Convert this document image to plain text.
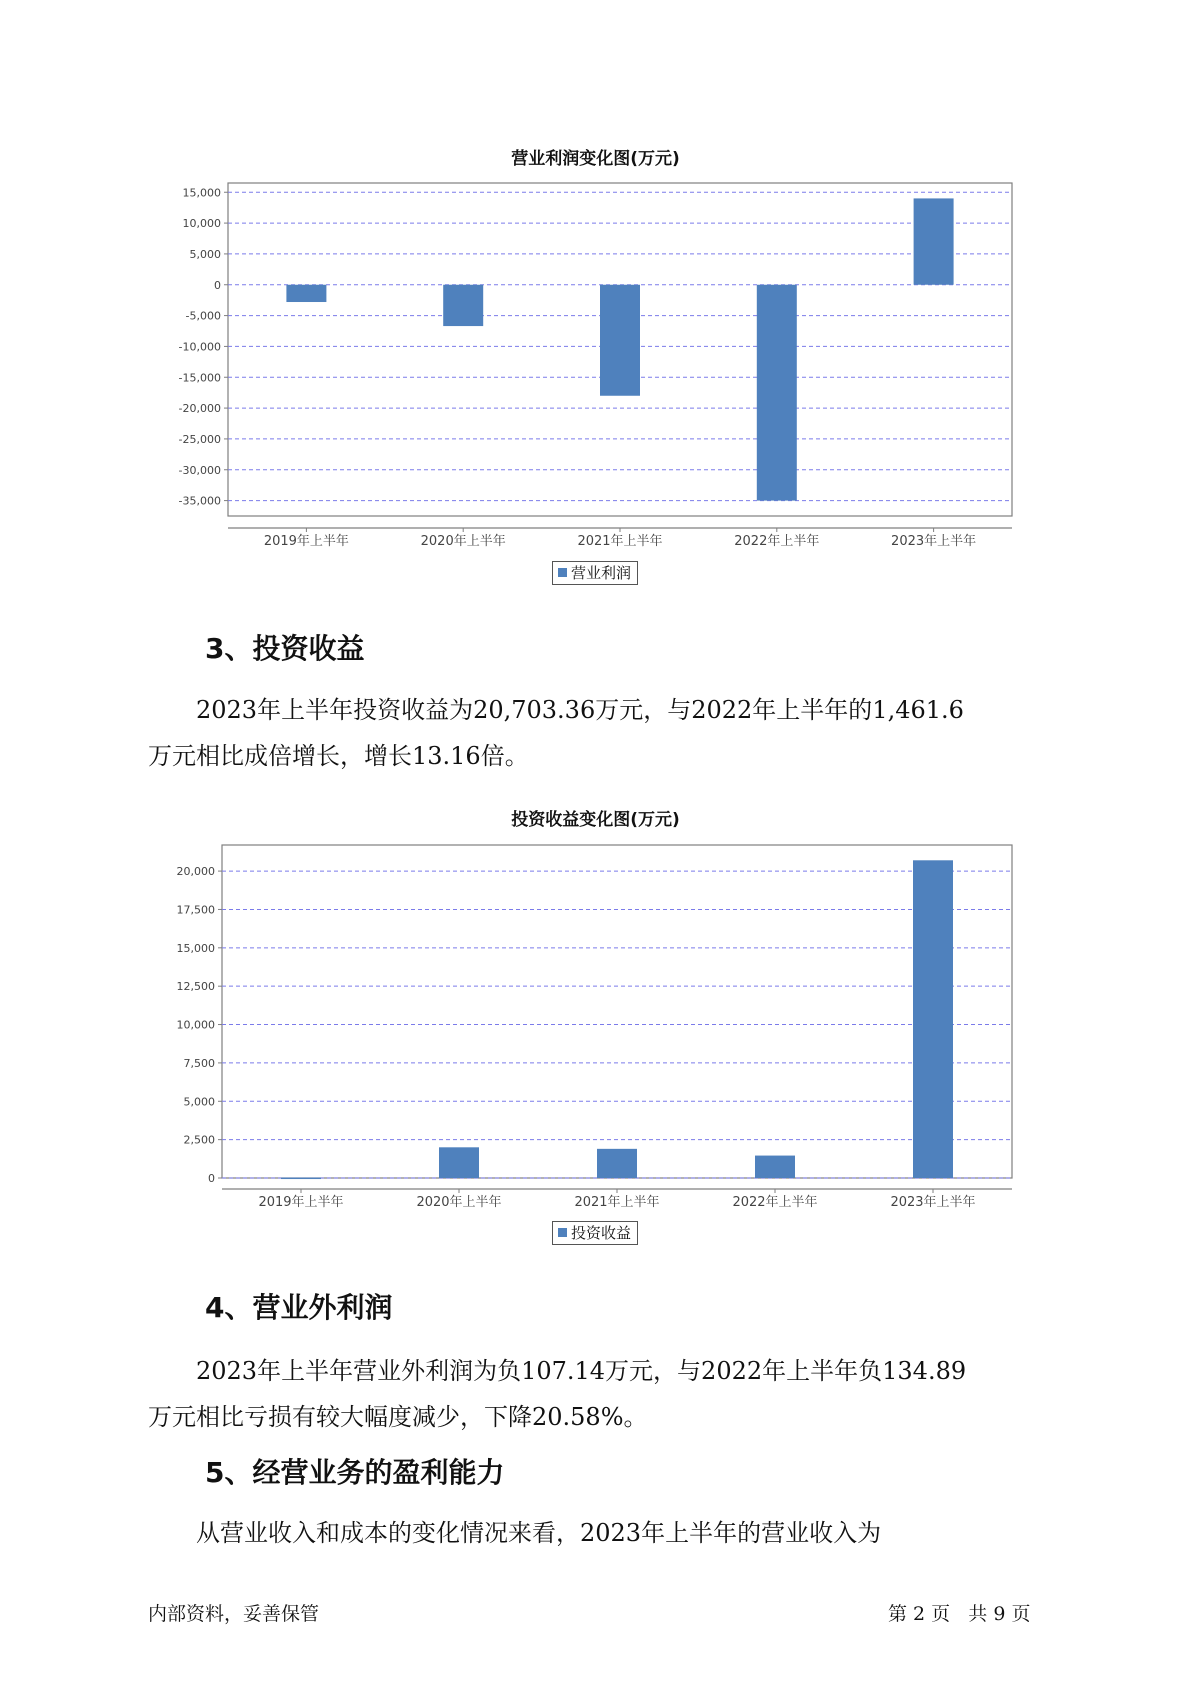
营业利润变化图(万元)
15,000
10,000
5,000
0
-5,000
-10,000
-15,000
-20,000
-25,000
-30,000
-35,000
2019年上半年	2020年上半年	2021年上半年	2022年上半年	2023年上半年
营业利润
3、投资收益
2023年上半年投资收益为20,703.36万元，与2022年上半年的1,461.6
万元相比成倍增长，增长13.16倍。
投资收益变化图(万元)
20,000
17,500
15,000
12,500
10,000
7,500
5,000
2,500
0
2019年上半年	2020年上半年	2021年上半年	2022年上半年	2023年上半年
投资收益
4、营业外利润
2023年上半年营业外利润为负107.14万元，与2022年上半年负134.89
万元相比亏损有较大幅度减少，下降20.58%。
5、经营业务的盈利能力
从营业收入和成本的变化情况来看，2023年上半年的营业收入为
内部资料，妥善保管	第 2 页   共 9 页
